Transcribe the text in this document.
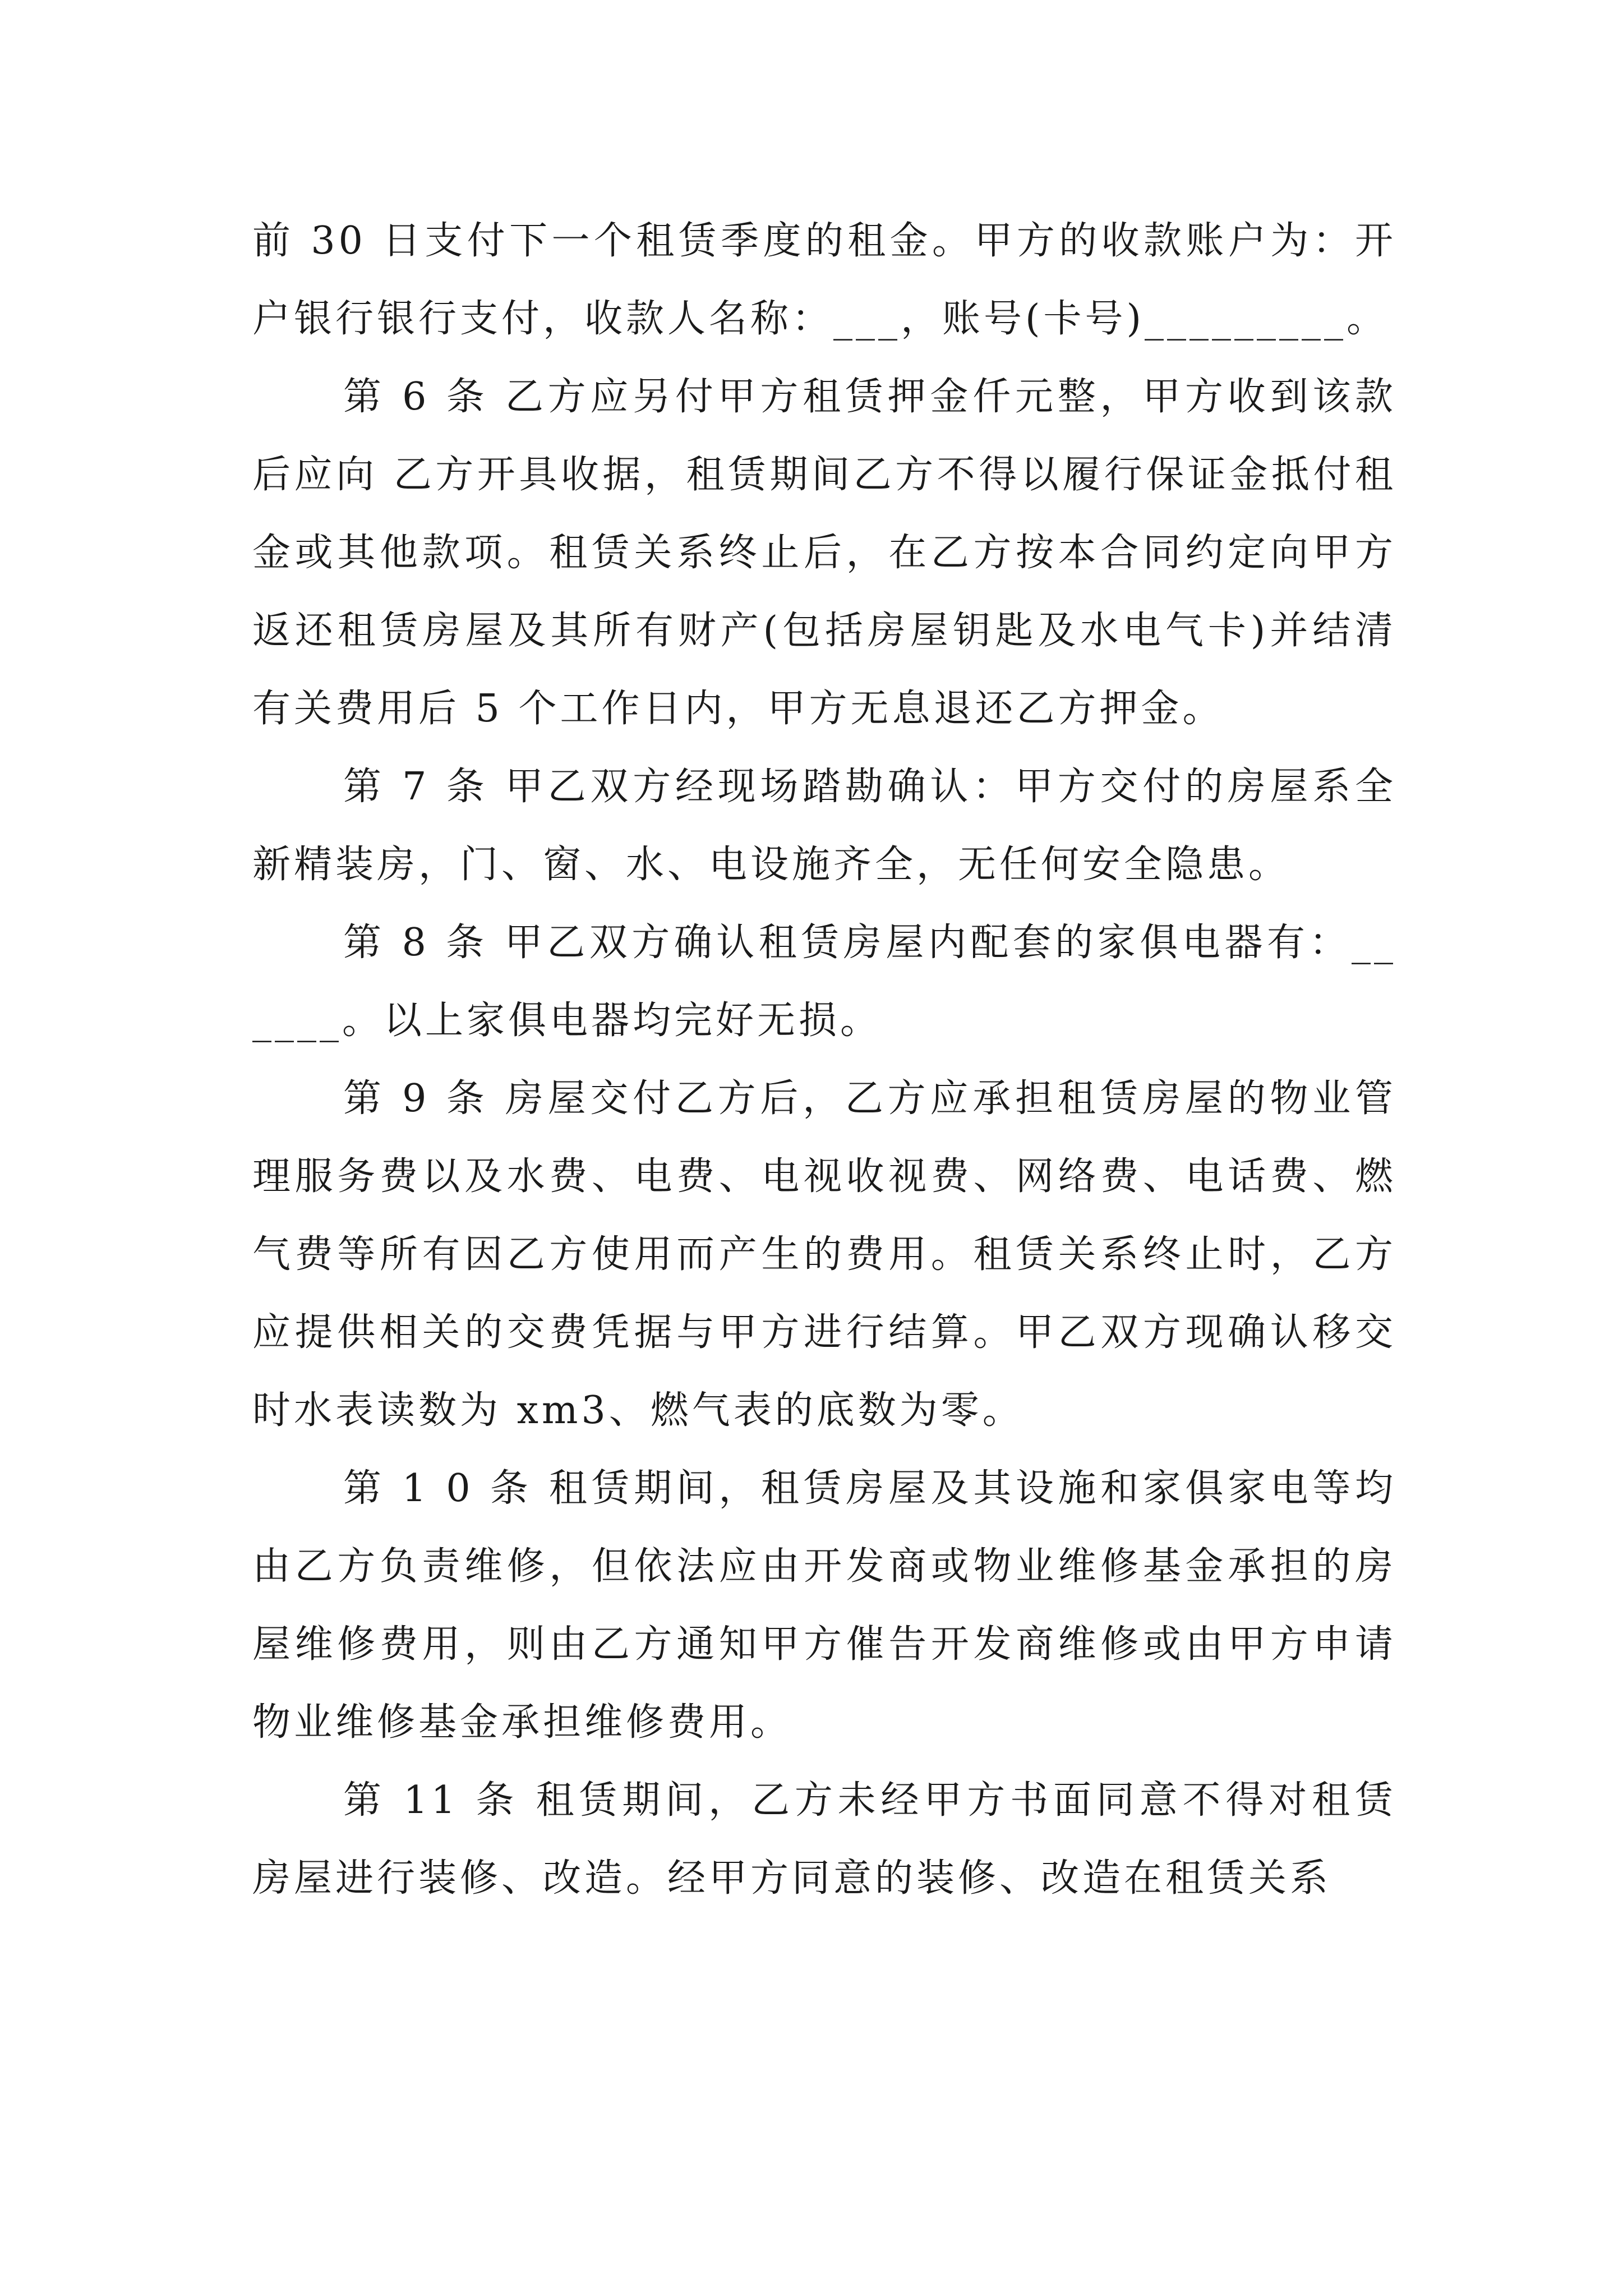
前 30 日支付下一个租赁季度的租金。甲方的收款账户为：开户银行银行支付，收款人名称：___，账号(卡号)_________。

第 6 条 乙方应另付甲方租赁押金仟元整，甲方收到该款后应向 乙方开具收据，租赁期间乙方不得以履行保证金抵付租金或其他款项。租赁关系终止后，在乙方按本合同约定向甲方返还租赁房屋及其所有财产(包括房屋钥匙及水电气卡)并结清有关费用后 5 个工作日内，甲方无息退还乙方押金。

第 7 条 甲乙双方经现场踏勘确认：甲方交付的房屋系全新精装房，门、窗、水、电设施齐全，无任何安全隐患。

第 8 条 甲乙双方确认租赁房屋内配套的家俱电器有：______。以上家俱电器均完好无损。

第 9 条 房屋交付乙方后，乙方应承担租赁房屋的物业管理服务费以及水费、电费、电视收视费、网络费、电话费、燃气费等所有因乙方使用而产生的费用。租赁关系终止时，乙方应提供相关的交费凭据与甲方进行结算。甲乙双方现确认移交时水表读数为 xm3、燃气表的底数为零。

第 1 0 条 租赁期间，租赁房屋及其设施和家俱家电等均由乙方负责维修，但依法应由开发商或物业维修基金承担的房屋维修费用，则由乙方通知甲方催告开发商维修或由甲方申请物业维修基金承担维修费用。

第 11 条 租赁期间，乙方未经甲方书面同意不得对租赁房屋进行装修、改造。经甲方同意的装修、改造在租赁关系
